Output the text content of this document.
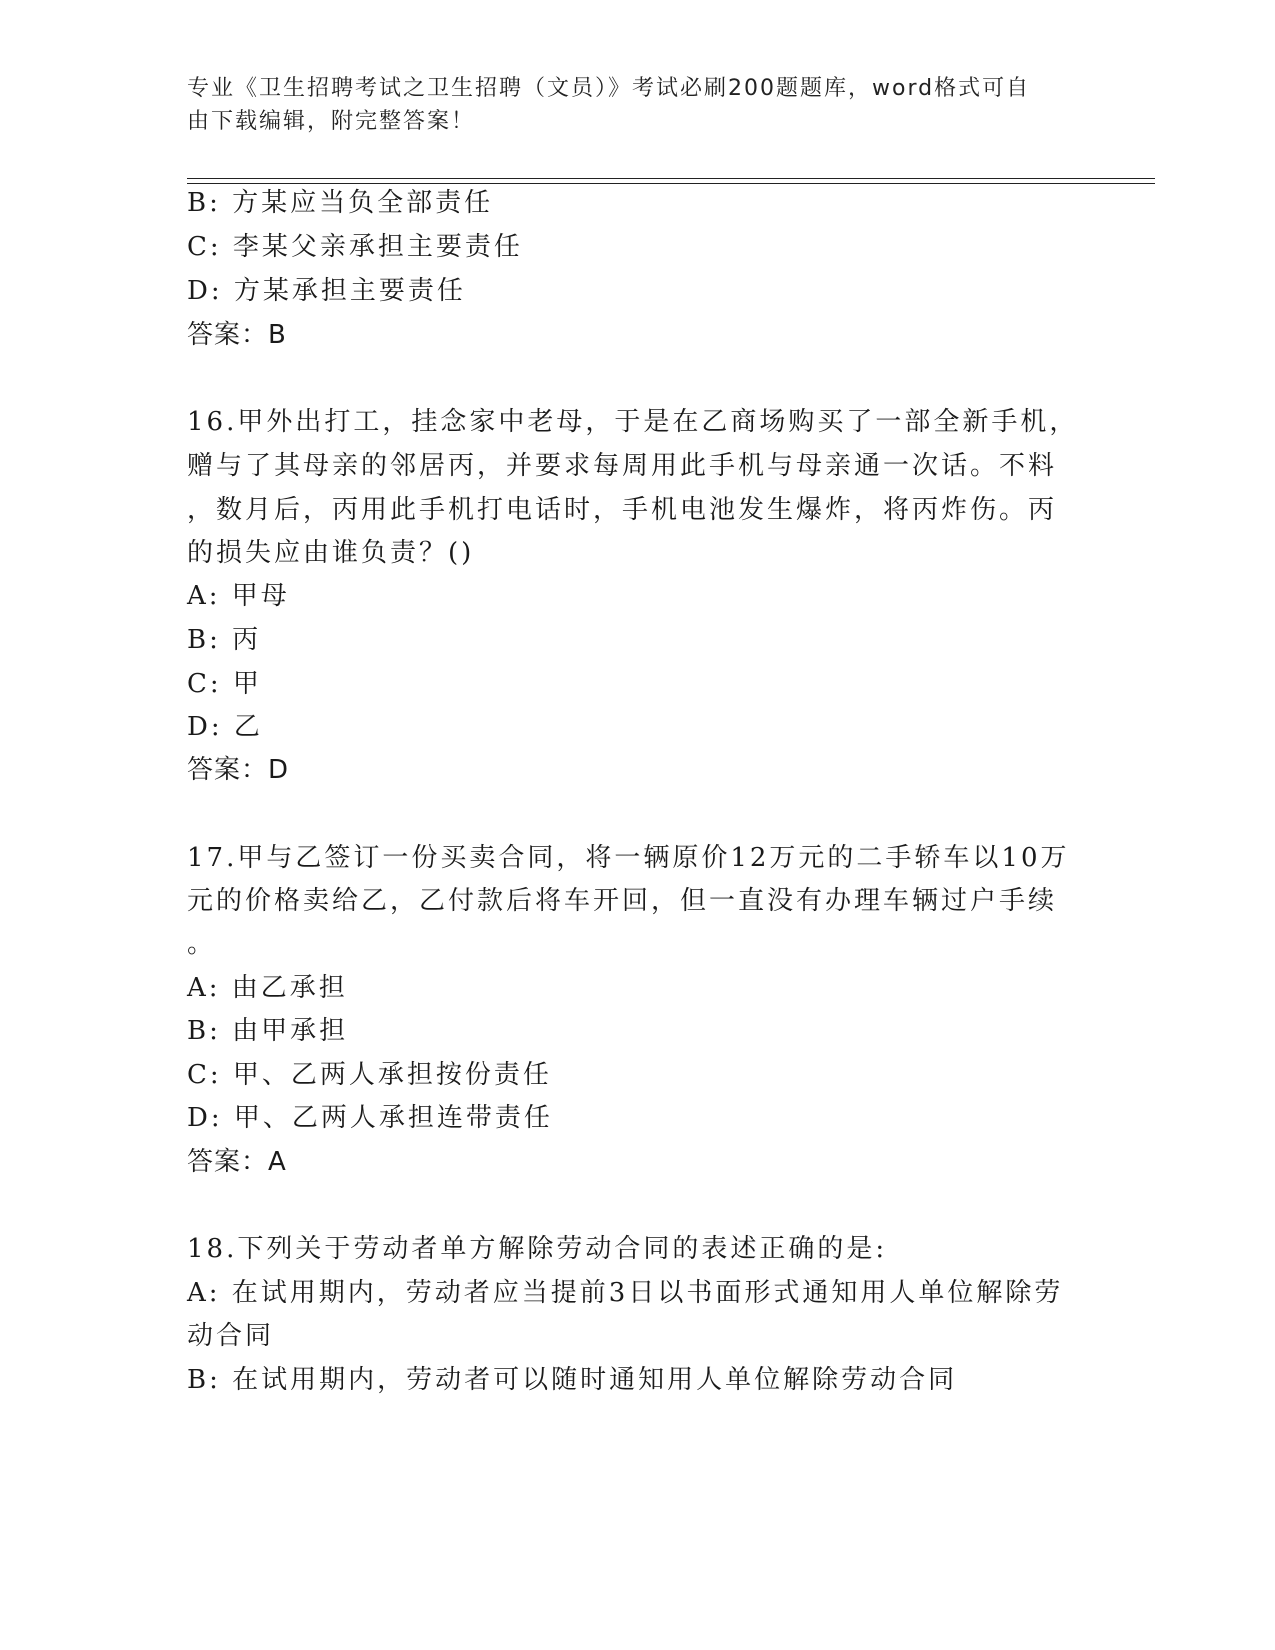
专业《卫生招聘考试之卫生招聘（文员）》考试必刷200题题库，word格式可自
由下载编辑，附完整答案！
B: 方某应当负全部责任
C: 李某父亲承担主要责任
D: 方某承担主要责任
答案：B
16.甲外出打工，挂念家中老母，于是在乙商场购买了一部全新手机，
赠与了其母亲的邻居丙，并要求每周用此手机与母亲通一次话。不料
，数月后，丙用此手机打电话时，手机电池发生爆炸，将丙炸伤。丙
的损失应由谁负责？()
A: 甲母
B: 丙
C: 甲
D: 乙
答案：D
17.甲与乙签订一份买卖合同，将一辆原价12万元的二手轿车以10万
元的价格卖给乙，乙付款后将车开回，但一直没有办理车辆过户手续
。
A: 由乙承担
B: 由甲承担
C: 甲、乙两人承担按份责任
D: 甲、乙两人承担连带责任
答案：A
18.下列关于劳动者单方解除劳动合同的表述正确的是:
A: 在试用期内，劳动者应当提前3日以书面形式通知用人单位解除劳
动合同
B: 在试用期内，劳动者可以随时通知用人单位解除劳动合同
